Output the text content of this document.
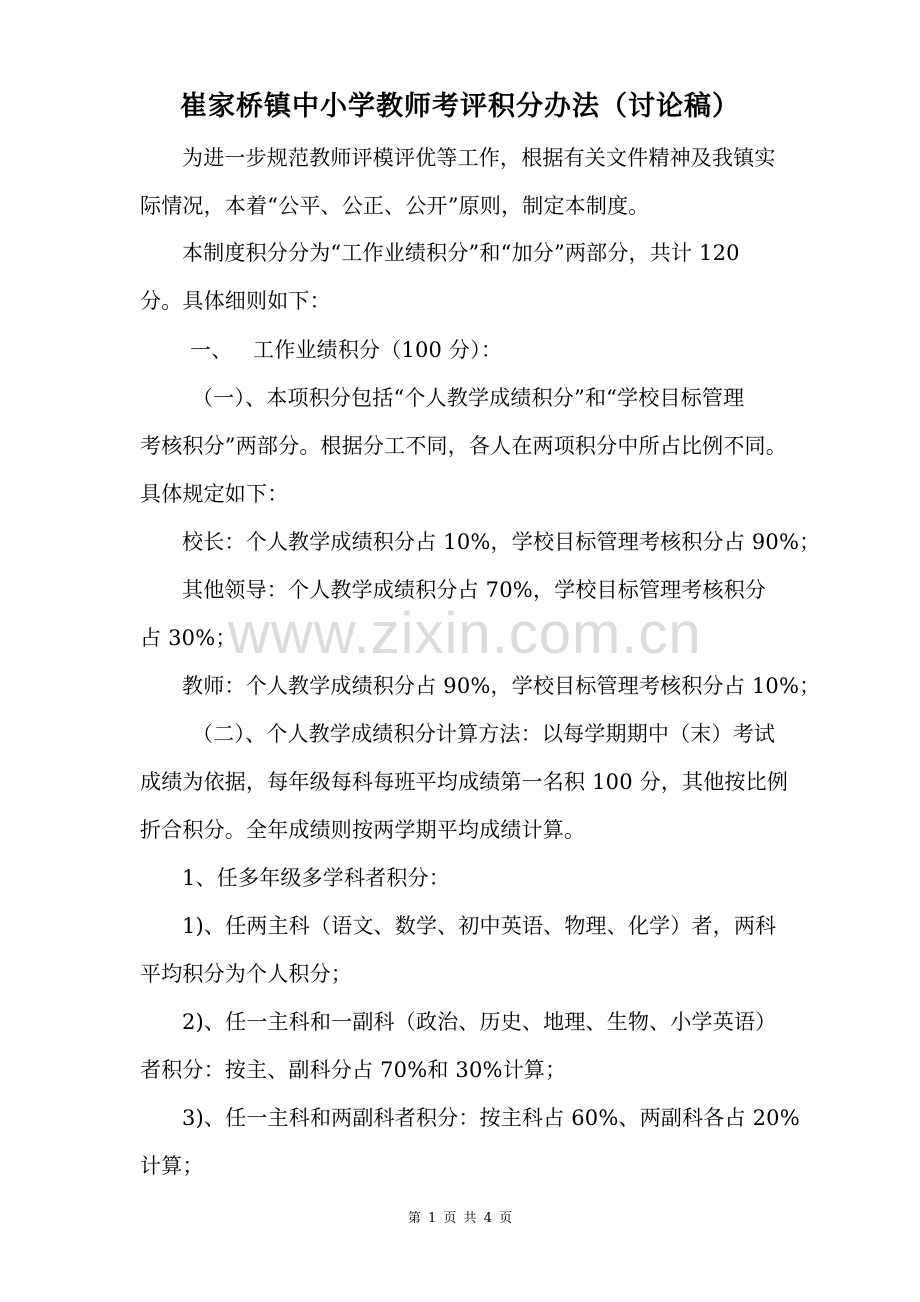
www.zixin.com.cn
崔家桥镇中小学教师考评积分办法（讨论稿）
为进一步规范教师评模评优等工作，根据有关文件精神及我镇实
际情况，本着“公平、公正、公开”原则，制定本制度。
本制度积分分为“工作业绩积分”和“加分”两部分，共计 120
分。具体细则如下：
一、   工作业绩积分（100 分）：
（一）、本项积分包括“个人教学成绩积分”和“学校目标管理
考核积分”两部分。根据分工不同，各人在两项积分中所占比例不同。
具体规定如下：
校长：个人教学成绩积分占 10%，学校目标管理考核积分占 90%；
其他领导：个人教学成绩积分占 70%，学校目标管理考核积分
占 30%；
教师：个人教学成绩积分占 90%，学校目标管理考核积分占 10%；
（二）、个人教学成绩积分计算方法：以每学期期中（末）考试
成绩为依据，每年级每科每班平均成绩第一名积 100 分，其他按比例
折合积分。全年成绩则按两学期平均成绩计算。
1、任多年级多学科者积分：
1)、任两主科（语文、数学、初中英语、物理、化学）者，两科
平均积分为个人积分；
2)、任一主科和一副科（政治、历史、地理、生物、小学英语）
者积分：按主、副科分占 70%和 30%计算；
3)、任一主科和两副科者积分：按主科占 60%、两副科各占 20%
计算；
第 1 页 共 4 页
